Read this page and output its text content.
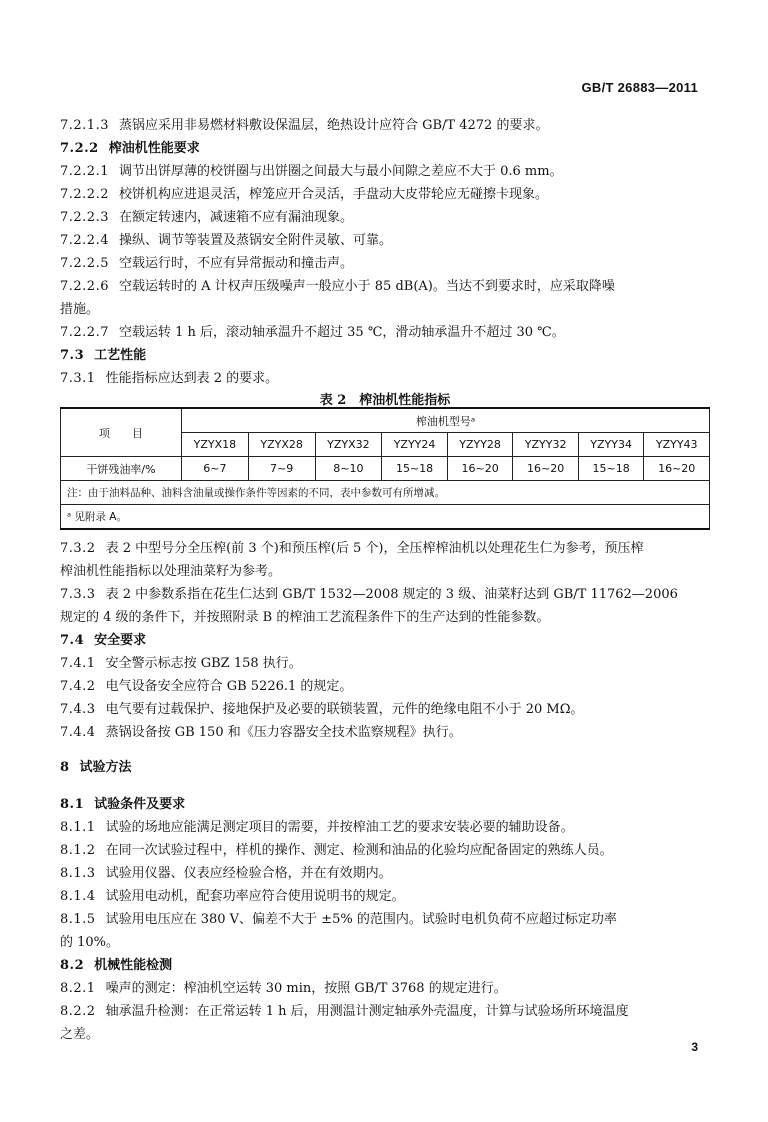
GB/T 26883—2011
7.2.1.3 蒸锅应采用非易燃材料敷设保温层，绝热设计应符合 GB/T 4272 的要求。
7.2.2 榨油机性能要求
7.2.2.1 调节出饼厚薄的校饼圈与出饼圈之间最大与最小间隙之差应不大于 0.6 mm。
7.2.2.2 校饼机构应进退灵活，榨笼应开合灵活，手盘动大皮带轮应无碰擦卡现象。
7.2.2.3 在额定转速内，减速箱不应有漏油现象。
7.2.2.4 操纵、调节等装置及蒸锅安全附件灵敏、可靠。
7.2.2.5 空载运行时，不应有异常振动和撞击声。
7.2.2.6 空载运转时的 A 计权声压级噪声一般应小于 85 dB(A)。当达不到要求时，应采取降噪
措施。
7.2.2.7 空载运转 1 h 后，滚动轴承温升不超过 35 ℃，滑动轴承温升不超过 30 ℃。
7.3 工艺性能
7.3.1 性能指标应达到表 2 的要求。
表 2　榨油机性能指标
项　　目	榨油机型号ᵃ							
	YZYX18	YZYX28	YZYX32	YZYY24	YZYY28	YZYY32	YZYY34	YZYY43
干饼残油率/%	6~7	7~9	8~10	15~18	16~20	16~20	15~18	16~20
注：由于油料品种、油料含油量或操作条件等因素的不同，表中参数可有所增减。								
ᵃ 见附录 A。								
7.3.2 表 2 中型号分全压榨(前 3 个)和预压榨(后 5 个)，全压榨榨油机以处理花生仁为参考，预压榨
榨油机性能指标以处理油菜籽为参考。
7.3.3 表 2 中参数系指在花生仁达到 GB/T 1532—2008 规定的 3 级、油菜籽达到 GB/T 11762—2006
规定的 4 级的条件下，并按照附录 B 的榨油工艺流程条件下的生产达到的性能参数。
7.4 安全要求
7.4.1 安全警示标志按 GBZ 158 执行。
7.4.2 电气设备安全应符合 GB 5226.1 的规定。
7.4.3 电气要有过载保护、接地保护及必要的联锁装置，元件的绝缘电阻不小于 20 MΩ。
7.4.4 蒸锅设备按 GB 150 和《压力容器安全技术监察规程》执行。
8 试验方法
8.1 试验条件及要求
8.1.1 试验的场地应能满足测定项目的需要，并按榨油工艺的要求安装必要的辅助设备。
8.1.2 在同一次试验过程中，样机的操作、测定、检测和油品的化验均应配备固定的熟练人员。
8.1.3 试验用仪器、仪表应经检验合格，并在有效期内。
8.1.4 试验用电动机，配套功率应符合使用说明书的规定。
8.1.5 试验用电压应在 380 V、偏差不大于 ±5% 的范围内。试验时电机负荷不应超过标定功率
的 10%。
8.2 机械性能检测
8.2.1 噪声的测定：榨油机空运转 30 min，按照 GB/T 3768 的规定进行。
8.2.2 轴承温升检测：在正常运转 1 h 后，用测温计测定轴承外壳温度，计算与试验场所环境温度
之差。
3
